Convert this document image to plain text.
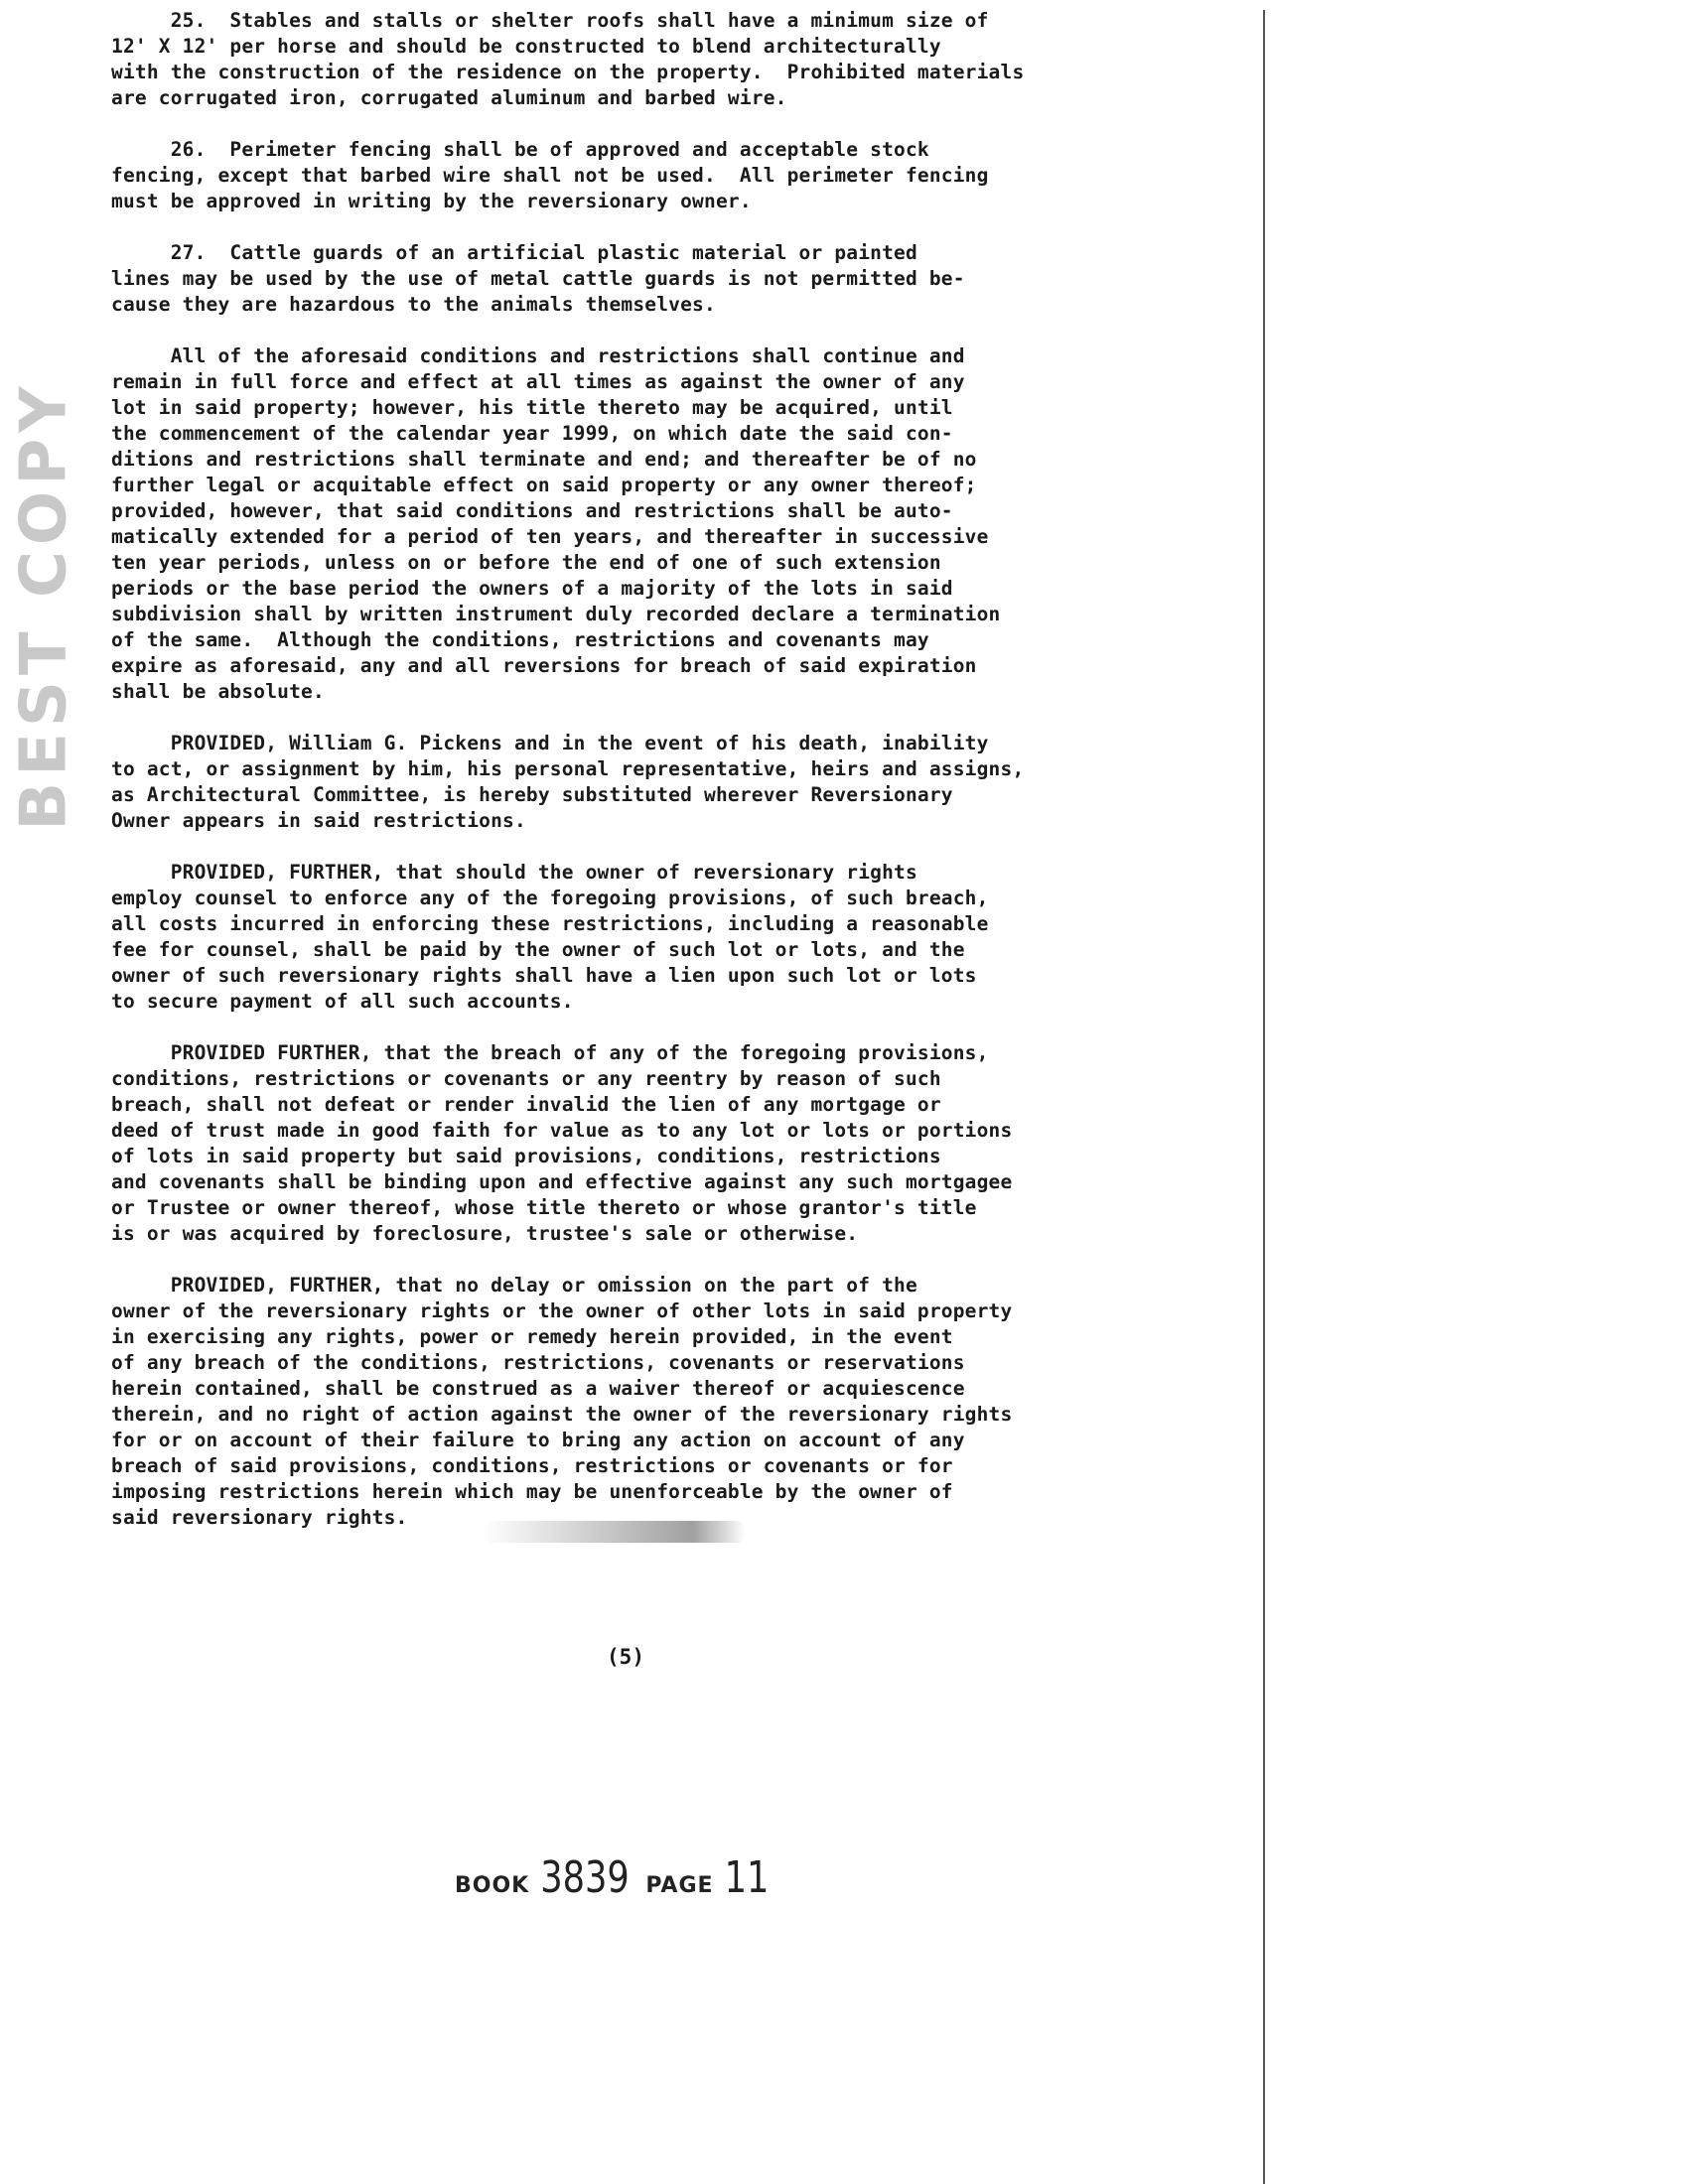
BEST COPY
25.  Stables and stalls or shelter roofs shall have a minimum size of
12' X 12' per horse and should be constructed to blend architecturally
with the construction of the residence on the property.  Prohibited materials
are corrugated iron, corrugated aluminum and barbed wire.
26.  Perimeter fencing shall be of approved and acceptable stock
fencing, except that barbed wire shall not be used.  All perimeter fencing
must be approved in writing by the reversionary owner.
27.  Cattle guards of an artificial plastic material or painted
lines may be used by the use of metal cattle guards is not permitted be-
cause they are hazardous to the animals themselves.
All of the aforesaid conditions and restrictions shall continue and
remain in full force and effect at all times as against the owner of any
lot in said property; however, his title thereto may be acquired, until
the commencement of the calendar year 1999, on which date the said con-
ditions and restrictions shall terminate and end; and thereafter be of no
further legal or acquitable effect on said property or any owner thereof;
provided, however, that said conditions and restrictions shall be auto-
matically extended for a period of ten years, and thereafter in successive
ten year periods, unless on or before the end of one of such extension
periods or the base period the owners of a majority of the lots in said
subdivision shall by written instrument duly recorded declare a termination
of the same.  Although the conditions, restrictions and covenants may
expire as aforesaid, any and all reversions for breach of said expiration
shall be absolute.
PROVIDED, William G. Pickens and in the event of his death, inability
to act, or assignment by him, his personal representative, heirs and assigns,
as Architectural Committee, is hereby substituted wherever Reversionary
Owner appears in said restrictions.
PROVIDED, FURTHER, that should the owner of reversionary rights
employ counsel to enforce any of the foregoing provisions, of such breach,
all costs incurred in enforcing these restrictions, including a reasonable
fee for counsel, shall be paid by the owner of such lot or lots, and the
owner of such reversionary rights shall have a lien upon such lot or lots
to secure payment of all such accounts.
PROVIDED FURTHER, that the breach of any of the foregoing provisions,
conditions, restrictions or covenants or any reentry by reason of such
breach, shall not defeat or render invalid the lien of any mortgage or
deed of trust made in good faith for value as to any lot or lots or portions
of lots in said property but said provisions, conditions, restrictions
and covenants shall be binding upon and effective against any such mortgagee
or Trustee or owner thereof, whose title thereto or whose grantor's title
is or was acquired by foreclosure, trustee's sale or otherwise.
PROVIDED, FURTHER, that no delay or omission on the part of the
owner of the reversionary rights or the owner of other lots in said property
in exercising any rights, power or remedy herein provided, in the event
of any breach of the conditions, restrictions, covenants or reservations
herein contained, shall be construed as a waiver thereof or acquiescence
therein, and no right of action against the owner of the reversionary rights
for or on account of their failure to bring any action on account of any
breach of said provisions, conditions, restrictions or covenants or for
imposing restrictions herein which may be unenforceable by the owner of
said reversionary rights.
(5)
BOOK 3839 PAGE 11
